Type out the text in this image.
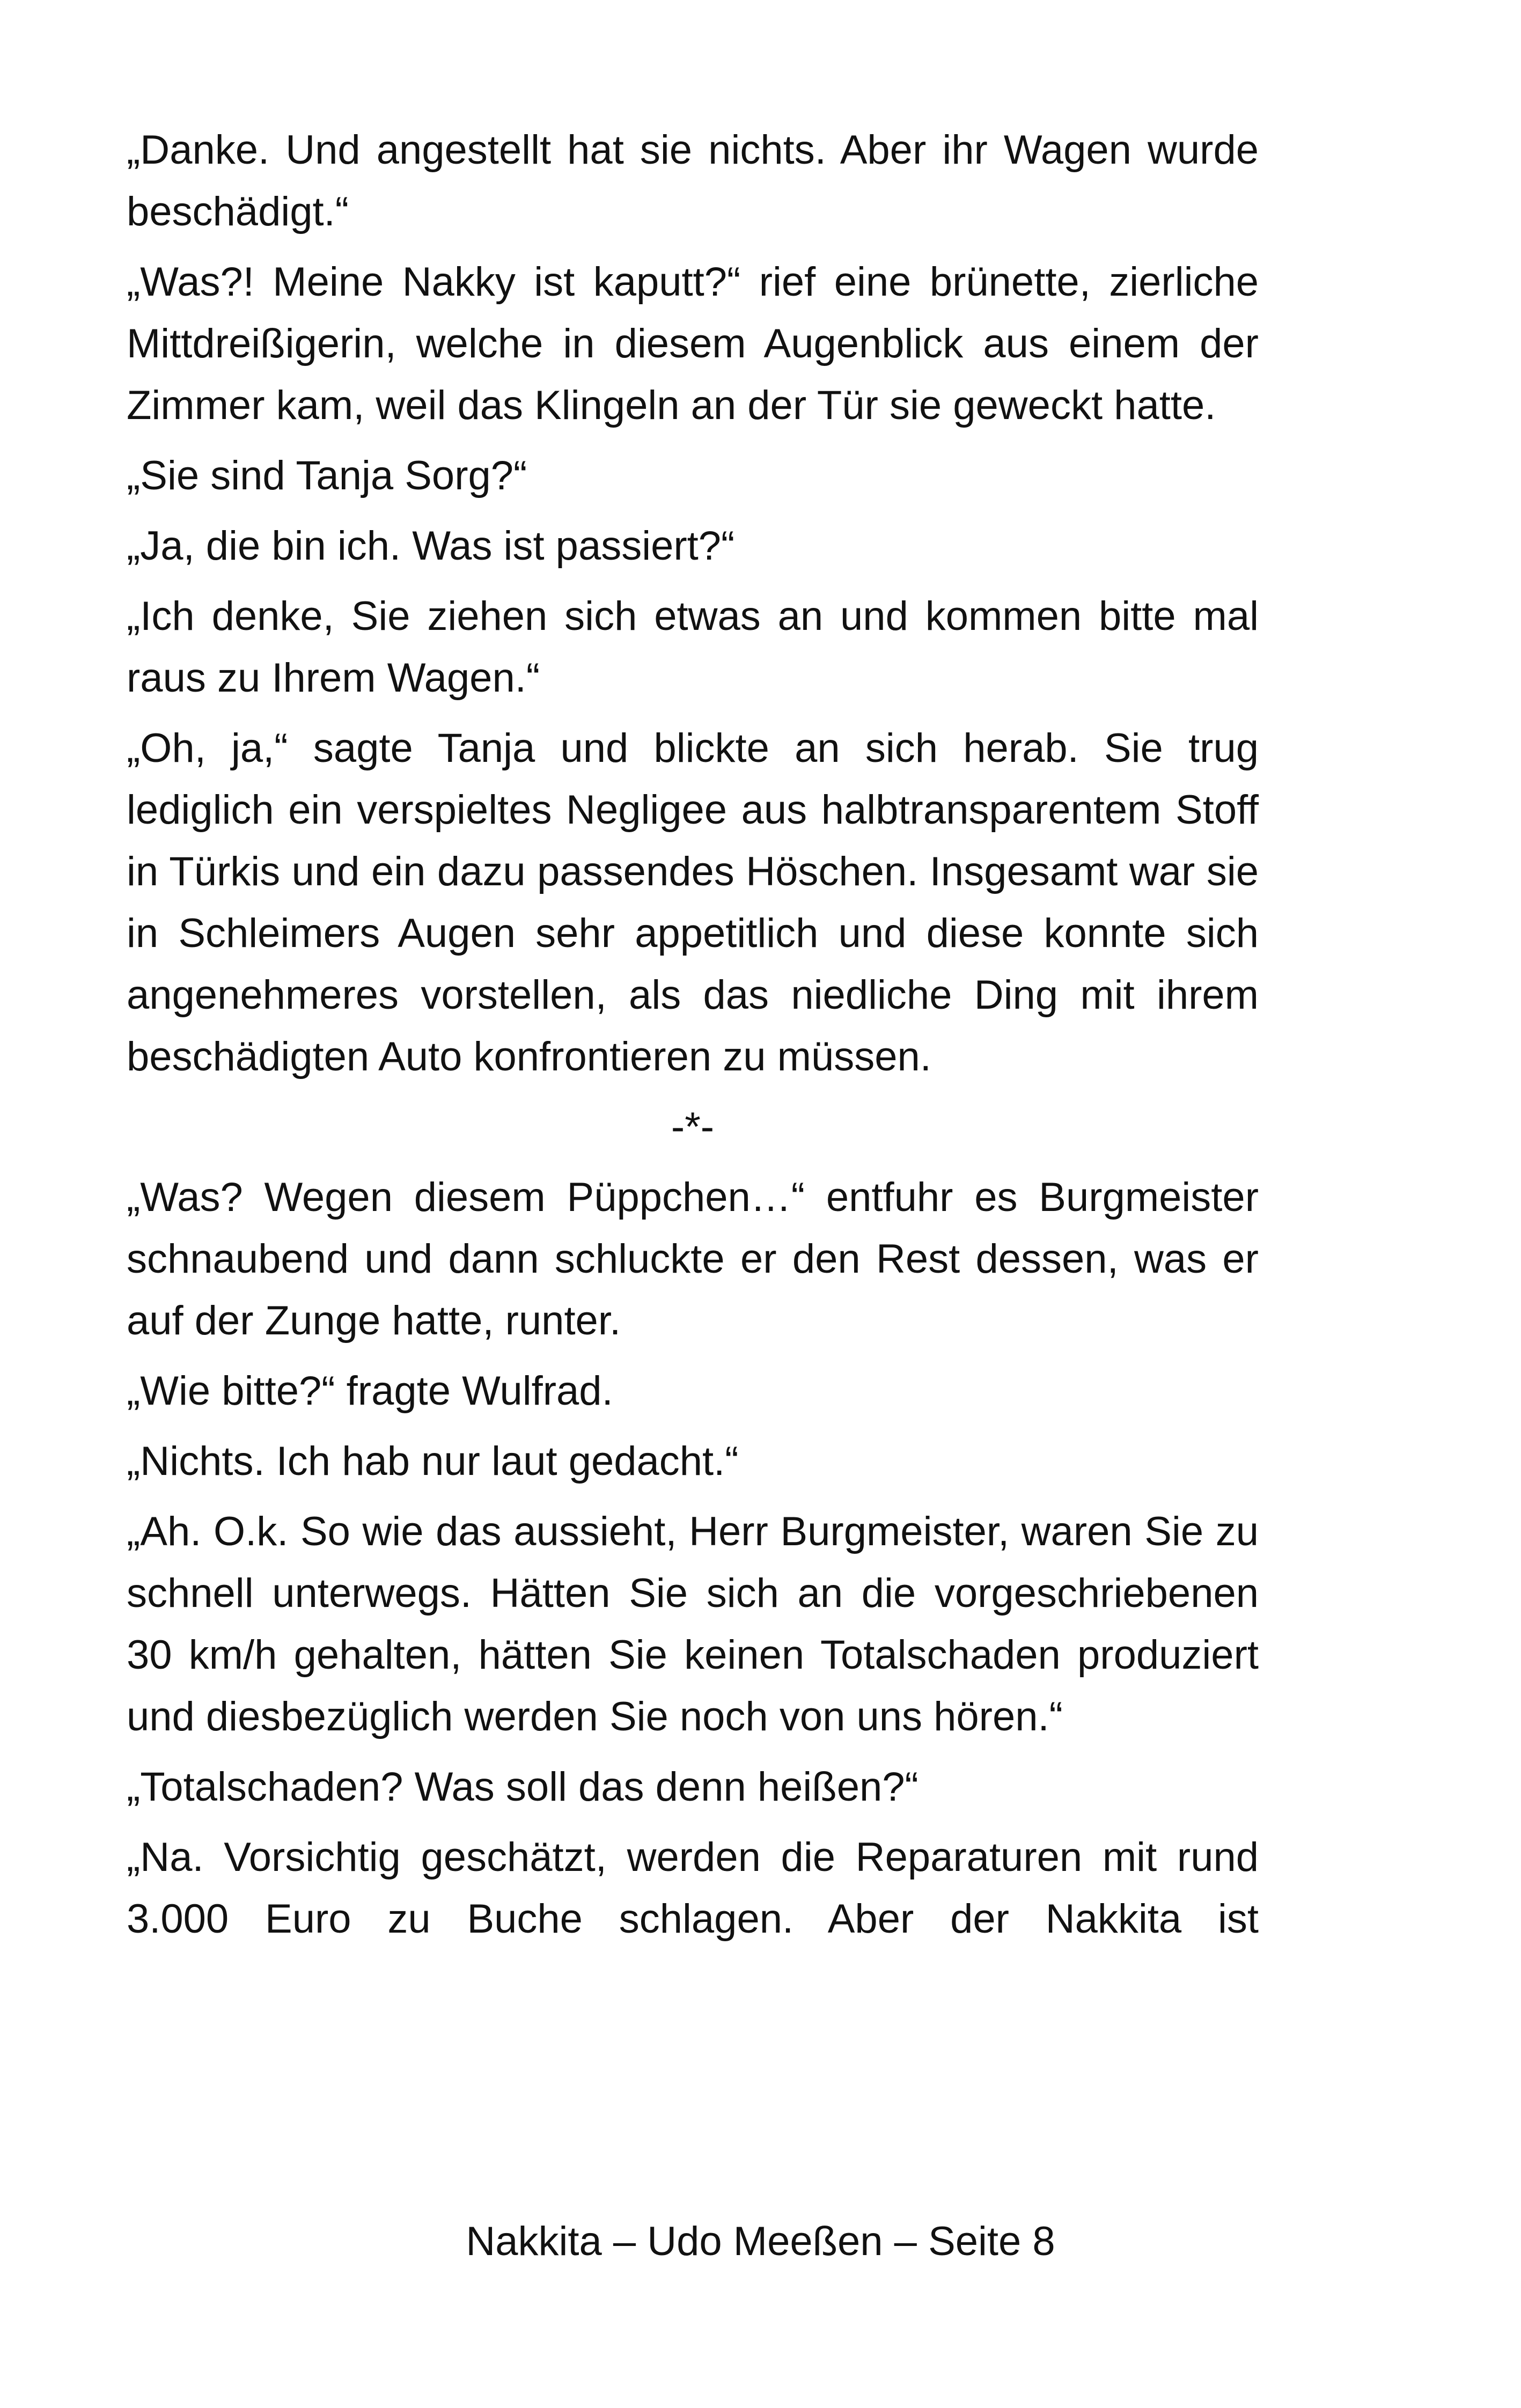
„Danke. Und angestellt hat sie nichts. Aber ihr Wagen wurde beschädigt.“

„Was?! Meine Nakky ist kaputt?“ rief eine brünette, zierliche Mittdreißigerin, welche in diesem Augenblick aus einem der Zimmer kam, weil das Klingeln an der Tür sie geweckt hatte.

„Sie sind Tanja Sorg?“

„Ja, die bin ich. Was ist passiert?“

„Ich denke, Sie ziehen sich etwas an und kommen bitte mal raus zu Ihrem Wagen.“

„Oh, ja,“ sagte Tanja und blickte an sich herab. Sie trug lediglich ein verspieltes Negligee aus halbtransparentem Stoff in Türkis und ein dazu passendes Höschen. Insgesamt war sie in Schleimers Augen sehr appetitlich und diese konnte sich angenehmeres vorstellen, als das niedliche Ding mit ihrem beschädigten Auto konfrontieren zu müssen.

-*-

„Was? Wegen diesem Püppchen…“ entfuhr es Burgmeister schnaubend und dann schluckte er den Rest dessen, was er auf der Zunge hatte, runter.

„Wie bitte?“ fragte Wulfrad.

„Nichts. Ich hab nur laut gedacht.“

„Ah. O.k. So wie das aussieht, Herr Burgmeister, waren Sie zu schnell unterwegs. Hätten Sie sich an die vorgeschriebenen 30 km/h gehalten, hätten Sie keinen Totalschaden produziert und diesbezüglich werden Sie noch von uns hören.“

„Totalschaden? Was soll das denn heißen?“

„Na. Vorsichtig geschätzt, werden die Reparaturen mit rund 3.000 Euro zu Buche schlagen. Aber der Nakkita ist

Nakkita – Udo Meeßen – Seite 8
